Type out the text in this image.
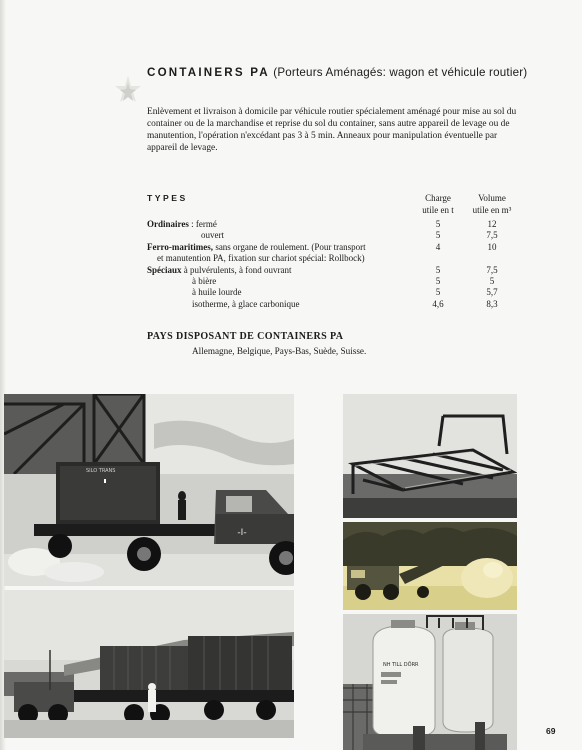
CONTAINERS PA (Porteurs Aménagés: wagon et véhicule routier)
Enlèvement et livraison à domicile par véhicule routier spécialement aménagé pour mise au sol du container ou de la marchandise et reprise du sol du container, sans autre appareil de levage ou de manutention, l'opération n'excédant pas 3 à 5 min. Anneaux pour manipulation éventuelle par appareil de levage.
TYPES	Charge
utile en t
Volume
utile en m³
Ordinaires : fermé	5	12
ouvert	5	7,5
Ferro-maritimes, sans organe de roulement. (Pour transport	4	10
et manutention PA, fixation sur chariot spécial: Rollbock)
Spéciaux à pulvérulents, à fond ouvrant	5	7,5
à bière	5	5
à huile lourde	5	5,7
isotherme, à glace carbonique	4,6	8,3
PAYS DISPOSANT DE CONTAINERS PA
Allemagne, Belgique, Pays-Bas, Suède, Suisse.
-I-
SILO TRANS
NH TILL DÖRR
69
